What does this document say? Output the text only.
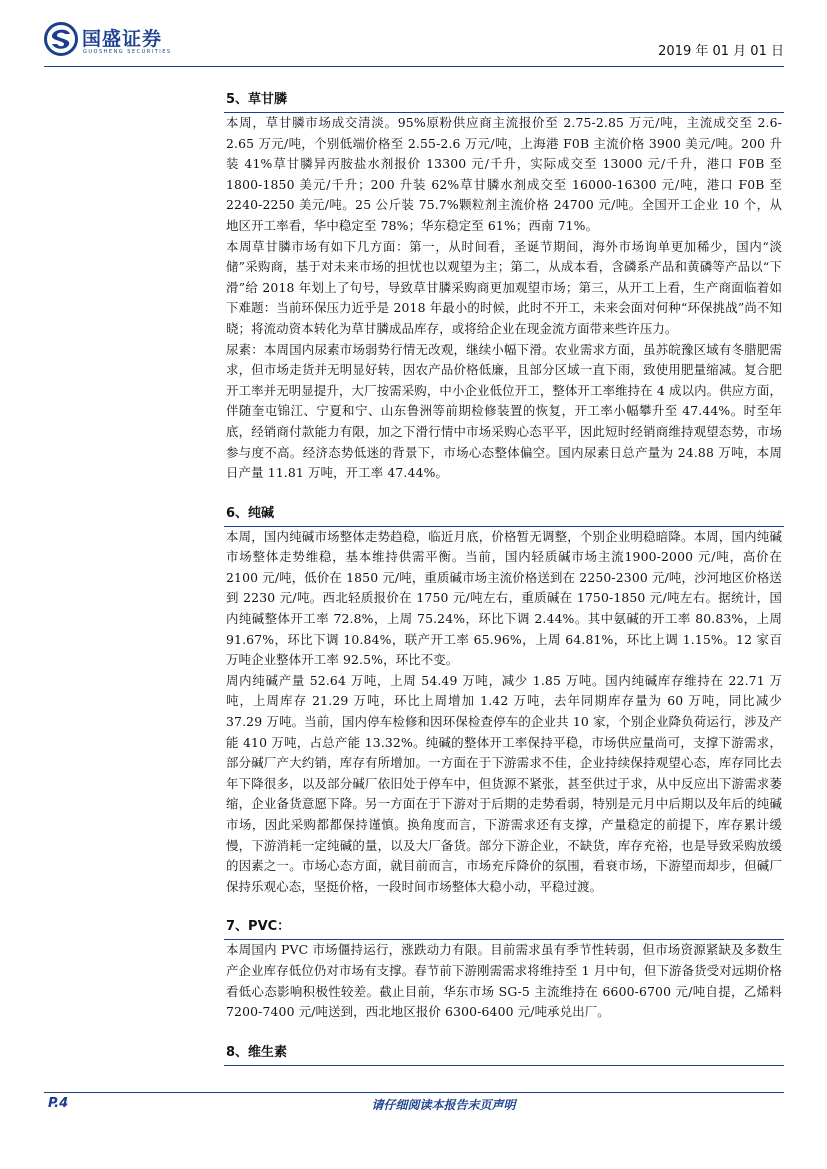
国盛证券
GUOSHENG SECURITIES	2019 年 01 月 01 日
5、草甘膦

本周，草甘膦市场成交清淡。95%原粉供应商主流报价至 2.75-2.85 万元/吨，主流成交至 2.6-2.65 万元/吨，个别低端价格至 2.55-2.6 万元/吨，上海港 F0B 主流价格 3900 美元/吨。200 升装 41%草甘膦异丙胺盐水剂报价 13300 元/千升，实际成交至 13000 元/千升，港口 F0B 至 1800-1850 美元/千升；200 升装 62%草甘膦水剂成交至 16000-16300 元/吨，港口 F0B 至 2240-2250 美元/吨。25 公斤装 75.7%颗粒剂主流价格 24700 元/吨。全国开工企业 10 个，从地区开工率看，华中稳定至 78%；华东稳定至 61%；西南 71%。

本周草甘膦市场有如下几方面：第一，从时间看，圣诞节期间，海外市场询单更加稀少，国内“淡储”采购商，基于对未来市场的担忧也以观望为主；第二，从成本看，含磷系产品和黄磷等产品以“下滑”给 2018 年划上了句号，导致草甘膦采购商更加观望市场；第三，从开工上看，生产商面临着如下难题：当前环保压力近乎是 2018 年最小的时候，此时不开工，未来会面对何种“环保挑战”尚不知晓；将流动资本转化为草甘膦成品库存，或将给企业在现金流方面带来些许压力。

尿素：本周国内尿素市场弱势行情无改观，继续小幅下滑。农业需求方面，虽苏皖豫区域有冬腊肥需求，但市场走货并无明显好转，因农产品价格低廉，且部分区域一直下雨，致使用肥量缩减。复合肥开工率并无明显提升，大厂按需采购，中小企业低位开工，整体开工率维持在 4 成以内。供应方面，伴随奎屯锦江、宁夏和宁、山东鲁洲等前期检修装置的恢复，开工率小幅攀升至 47.44%。时至年底，经销商付款能力有限，加之下滑行情中市场采购心态平平，因此短时经销商维持观望态势，市场参与度不高。经济态势低迷的背景下，市场心态整体偏空。国内尿素日总产量为 24.88 万吨，本周日产量 11.81 万吨，开工率 47.44%。

6、纯碱

本周，国内纯碱市场整体走势趋稳，临近月底，价格暂无调整，个别企业明稳暗降。本周，国内纯碱市场整体走势维稳，基本维持供需平衡。当前，国内轻质碱市场主流1900-2000 元/吨，高价在 2100 元/吨，低价在 1850 元/吨，重质碱市场主流价格送到在 2250-2300 元/吨，沙河地区价格送到 2230 元/吨。西北轻质报价在 1750 元/吨左右，重质碱在 1750-1850 元/吨左右。据统计，国内纯碱整体开工率 72.8%，上周 75.24%，环比下调 2.44%。其中氨碱的开工率 80.83%，上周 91.67%，环比下调 10.84%，联产开工率 65.96%，上周 64.81%，环比上调 1.15%。12 家百万吨企业整体开工率 92.5%，环比不变。

周内纯碱产量 52.64 万吨，上周 54.49 万吨，减少 1.85 万吨。国内纯碱库存维持在 22.71 万吨，上周库存 21.29 万吨，环比上周增加 1.42 万吨，去年同期库存量为 60 万吨，同比减少 37.29 万吨。当前，国内停车检修和因环保检查停车的企业共 10 家，个别企业降负荷运行，涉及产能 410 万吨，占总产能 13.32%。纯碱的整体开工率保持平稳，市场供应量尚可，支撑下游需求，部分碱厂产大约销，库存有所增加。一方面在于下游需求不佳，企业持续保持观望心态，库存同比去年下降很多，以及部分碱厂依旧处于停车中，但货源不紧张，甚至供过于求，从中反应出下游需求萎缩，企业备货意愿下降。另一方面在于下游对于后期的走势看弱，特别是元月中后期以及年后的纯碱市场，因此采购都都保持谨慎。换角度而言，下游需求还有支撑，产量稳定的前提下，库存累计缓慢，下游消耗一定纯碱的量，以及大厂备货。部分下游企业，不缺货，库存充裕，也是导致采购放缓的因素之一。市场心态方面，就目前而言，市场充斥降价的氛围，看衰市场，下游望而却步，但碱厂保持乐观心态，坚挺价格，一段时间市场整体大稳小动，平稳过渡。

7、PVC：

本周国内 PVC 市场僵持运行，涨跌动力有限。目前需求虽有季节性转弱，但市场资源紧缺及多数生产企业库存低位仍对市场有支撑。春节前下游刚需需求将维持至 1 月中旬，但下游备货受对远期价格看低心态影响积极性较差。截止目前，华东市场 SG-5 主流维持在 6600-6700 元/吨自提，乙烯料 7200-7400 元/吨送到，西北地区报价 6300-6400 元/吨承兑出厂。

8、维生素
P.4	请仔细阅读本报告末页声明
